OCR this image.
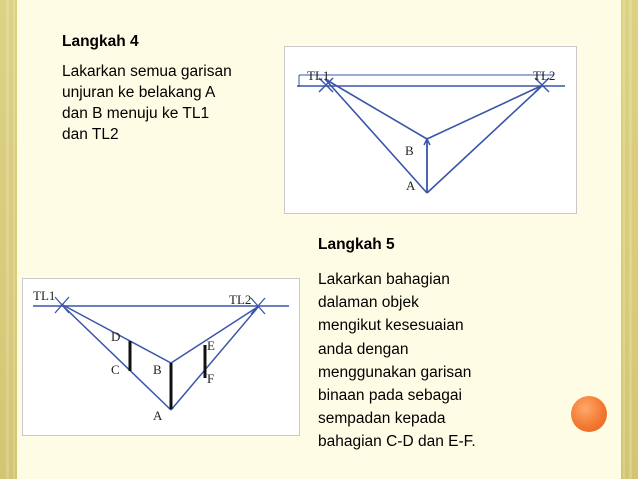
Langkah 4
Lakarkan semua garisan
unjuran ke belakang A
dan B menuju ke TL1
dan TL2
TL1	TL2
B
A
Langkah 5
Lakarkan bahagian
dalaman objek
mengikut kesesuaian
anda dengan
menggunakan garisan
binaan pada sebagai
sempadan kepada
bahagian C-D dan E-F.
TL1	TL2
D
C	B
E
F
A
